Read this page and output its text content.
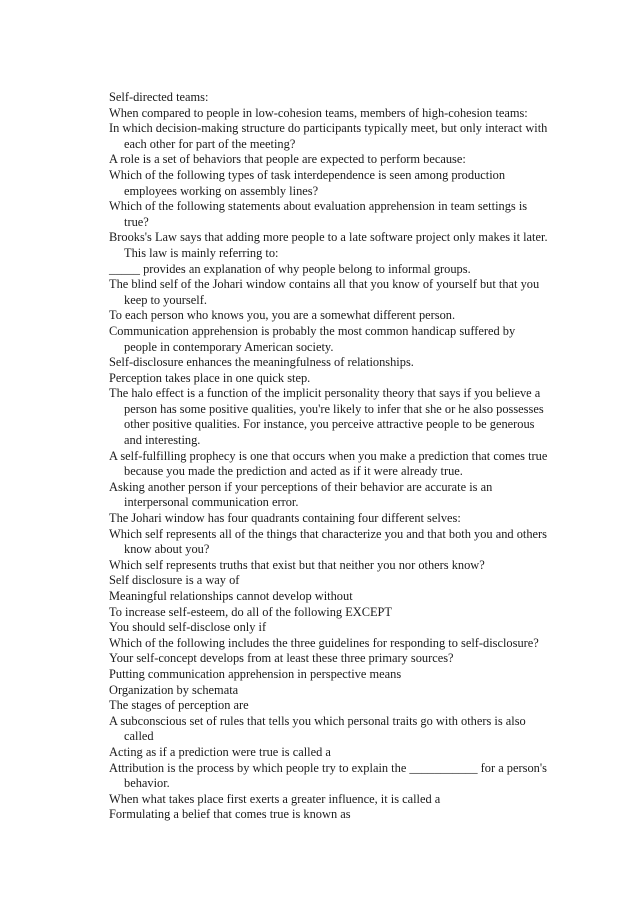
Self-directed teams:

When compared to people in low-cohesion teams, members of high-cohesion teams:

In which decision-making structure do participants typically meet, but only interact with each other for part of the meeting?

A role is a set of behaviors that people are expected to perform because:

Which of the following types of task interdependence is seen among production employees working on assembly lines?

Which of the following statements about evaluation apprehension in team settings is true?

Brooks's Law says that adding more people to a late software project only makes it later. This law is mainly referring to:

_____ provides an explanation of why people belong to informal groups.

The blind self of the Johari window contains all that you know of yourself but that you keep to yourself.

To each person who knows you, you are a somewhat different person.

Communication apprehension is probably the most common handicap suffered by people in contemporary American society.

Self-disclosure enhances the meaningfulness of relationships.

Perception takes place in one quick step.

The halo effect is a function of the implicit personality theory that says if you believe a person has some positive qualities, you're likely to infer that she or he also possesses other positive qualities. For instance, you perceive attractive people to be generous and interesting.

A self-fulfilling prophecy is one that occurs when you make a prediction that comes true because you made the prediction and acted as if it were already true.

Asking another person if your perceptions of their behavior are accurate is an interpersonal communication error.

The Johari window has four quadrants containing four different selves:

Which self represents all of the things that characterize you and that both you and others know about you?

Which self represents truths that exist but that neither you nor others know?

Self disclosure is a way of

Meaningful relationships cannot develop without

To increase self-esteem, do all of the following EXCEPT

You should self-disclose only if

Which of the following includes the three guidelines for responding to self-disclosure?

Your self-concept develops from at least these three primary sources?

Putting communication apprehension in perspective means

Organization by schemata

The stages of perception are

A subconscious set of rules that tells you which personal traits go with others is also called

Acting as if a prediction were true is called a

Attribution is the process by which people try to explain the ___________ for a person's behavior.

When what takes place first exerts a greater influence, it is called a

Formulating a belief that comes true is known as
